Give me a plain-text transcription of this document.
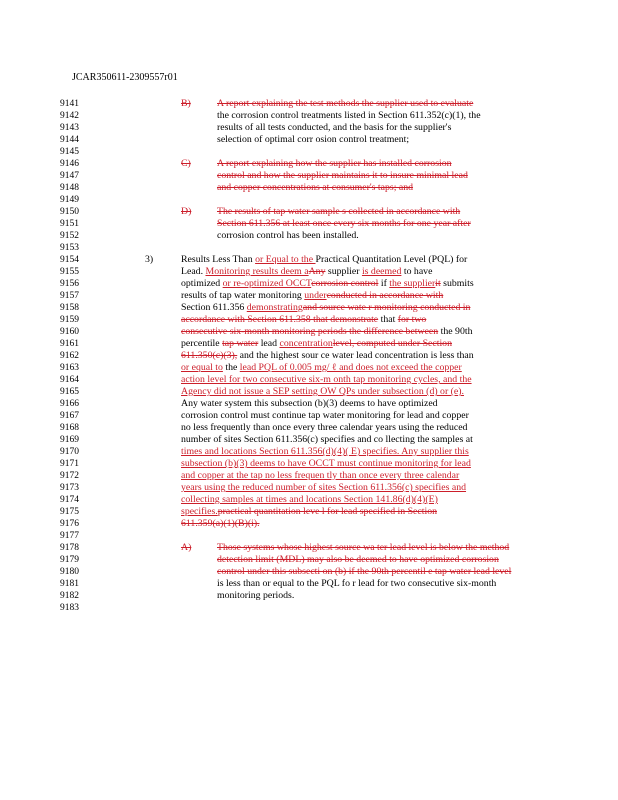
JCAR350611-2309557r01
9141
9142
9143
9144
9145
9146
9147
9148
9149
9150
9151
9152
9153
9154
9155
9156
9157
9158
9159
9160
9161
9162
9163
9164
9165
9166
9167
9168
9169
9170
9171
9172
9173
9174
9175
9176
9177
9178
9179
9180
9181
9182
9183
B)	A report explaining the test methods the supplier used to evaluate
the corrosion control treatments listed in Section 611.352(c)(1), the
results of all tests conducted, and the basis for the supplier's
selection of optimal corr osion control treatment;
C)	A report explaining how the supplier has installed corrosion
control and how the supplier maintains it to insure minimal lead
and copper concentrations at consumer's taps; and
D)	The results of tap water sample s collected in accordance with
Section 611.356 at least once every six months for one year after
corrosion control has been installed.
3)	Results Less Than or Equal to the Practical Quantitation Level (PQL) for
Lead. Monitoring results deem aAny supplier is deemed to have
optimized or re-optimized OCCTcorrosion control if the supplierit submits
results of tap water monitoring underconducted in accordance with
Section 611.356 demonstratingand source wate r monitoring conducted in
accordance with Section 611.358 that demonstrate that for two
consecutive six-month monitoring periods the difference between the 90th
percentile tap water lead concentrationlevel, computed under Section
611.350(c)(3), and the highest sour ce water lead concentration is less than
or equal to the lead PQL of 0.005 mg/ ℓ and does not exceed the copper
action level for two consecutive six-m onth tap monitoring cycles, and the
Agency did not issue a SEP setting OW QPs under subsection (d) or (e).
Any water system this subsection (b)(3) deems to have optimized
corrosion control must continue tap water monitoring for lead and copper
no less frequently than once every three calendar years using the reduced
number of sites Section 611.356(c) specifies and co llecting the samples at
times and locations Section 611.356(d)(4)( E) specifies. Any supplier this
subsection (b)(3) deems to have OCCT must continue monitoring for lead
and copper at the tap no less frequen tly than once every three calendar
years using the reduced number of sites Section 611.356(c) specifies and
collecting samples at times and locations Section 141.86(d)(4)(E)
specifies.practical quantitation leve l for lead specified in Section
611.359(a)(1)(B)(i).
A)	Those systems whose highest source wa ter lead level is below the method
detection limit (MDL) may also be deemed to have optimized corrosion
control under this subsecti on (b) if the 90th percentil e tap water lead level
is less than or equal to the PQL fo r lead for two consecutive six-month
monitoring periods.
